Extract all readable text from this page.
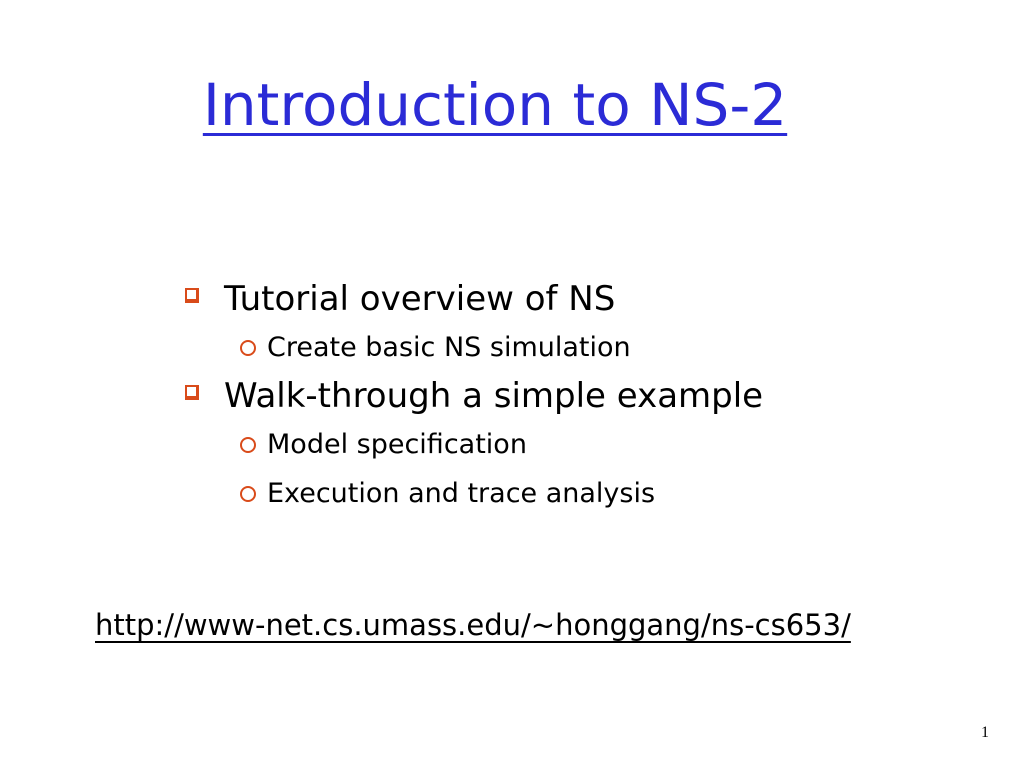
Introduction to NS-2
Tutorial overview of NS
Create basic NS simulation
Walk-through a simple example
Model specification
Execution and trace analysis
http://www-net.cs.umass.edu/~honggang/ns-cs653/
1
